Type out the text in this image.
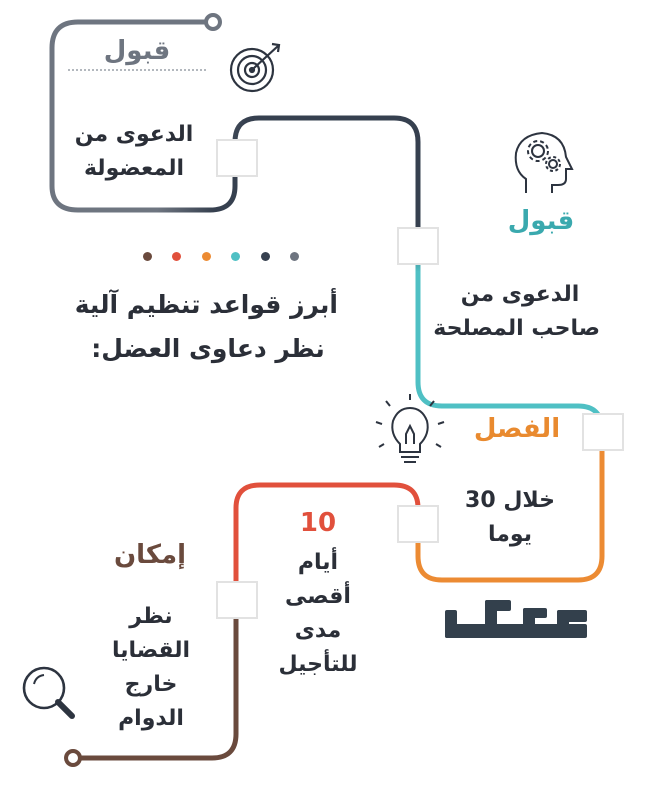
أبرز قواعد تنظيم آلية
نظر دعاوى العضل:
قبول
الدعوى من
المعضولة
قبول
الدعوى من
صاحب المصلحة
الفصل
خلال 30
يوما
10
أيام
أقصى
مدى
للتأجيل
إمكان
نظر
القضايا
خارج
الدوام
